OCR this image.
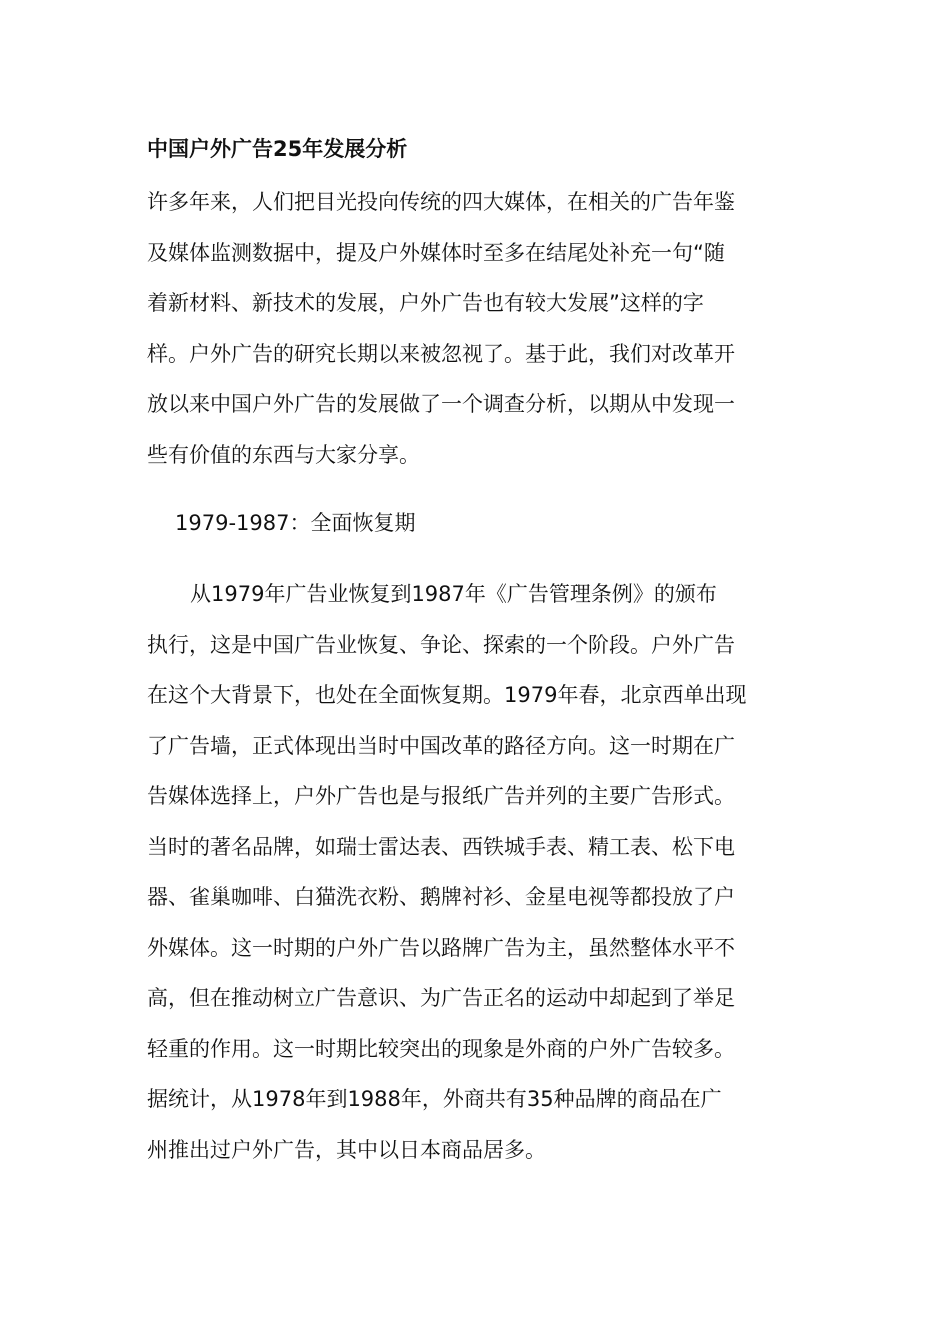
中国户外广告25年发展分析
许多年来，人们把目光投向传统的四大媒体，在相关的广告年鉴
及媒体监测数据中，提及户外媒体时至多在结尾处补充一句“随
着新材料、新技术的发展，户外广告也有较大发展”这样的字
样。户外广告的研究长期以来被忽视了。基于此，我们对改革开
放以来中国户外广告的发展做了一个调查分析，以期从中发现一
些有价值的东西与大家分享。
1979-1987：全面恢复期
从1979年广告业恢复到1987年《广告管理条例》的颁布
执行，这是中国广告业恢复、争论、探索的一个阶段。户外广告
在这个大背景下，也处在全面恢复期。1979年春，北京西单出现
了广告墙，正式体现出当时中国改革的路径方向。这一时期在广
告媒体选择上，户外广告也是与报纸广告并列的主要广告形式。
当时的著名品牌，如瑞士雷达表、西铁城手表、精工表、松下电
器、雀巢咖啡、白猫洗衣粉、鹅牌衬衫、金星电视等都投放了户
外媒体。这一时期的户外广告以路牌广告为主，虽然整体水平不
高，但在推动树立广告意识、为广告正名的运动中却起到了举足
轻重的作用。这一时期比较突出的现象是外商的户外广告较多。
据统计，从1978年到1988年，外商共有35种品牌的商品在广
州推出过户外广告，其中以日本商品居多。
